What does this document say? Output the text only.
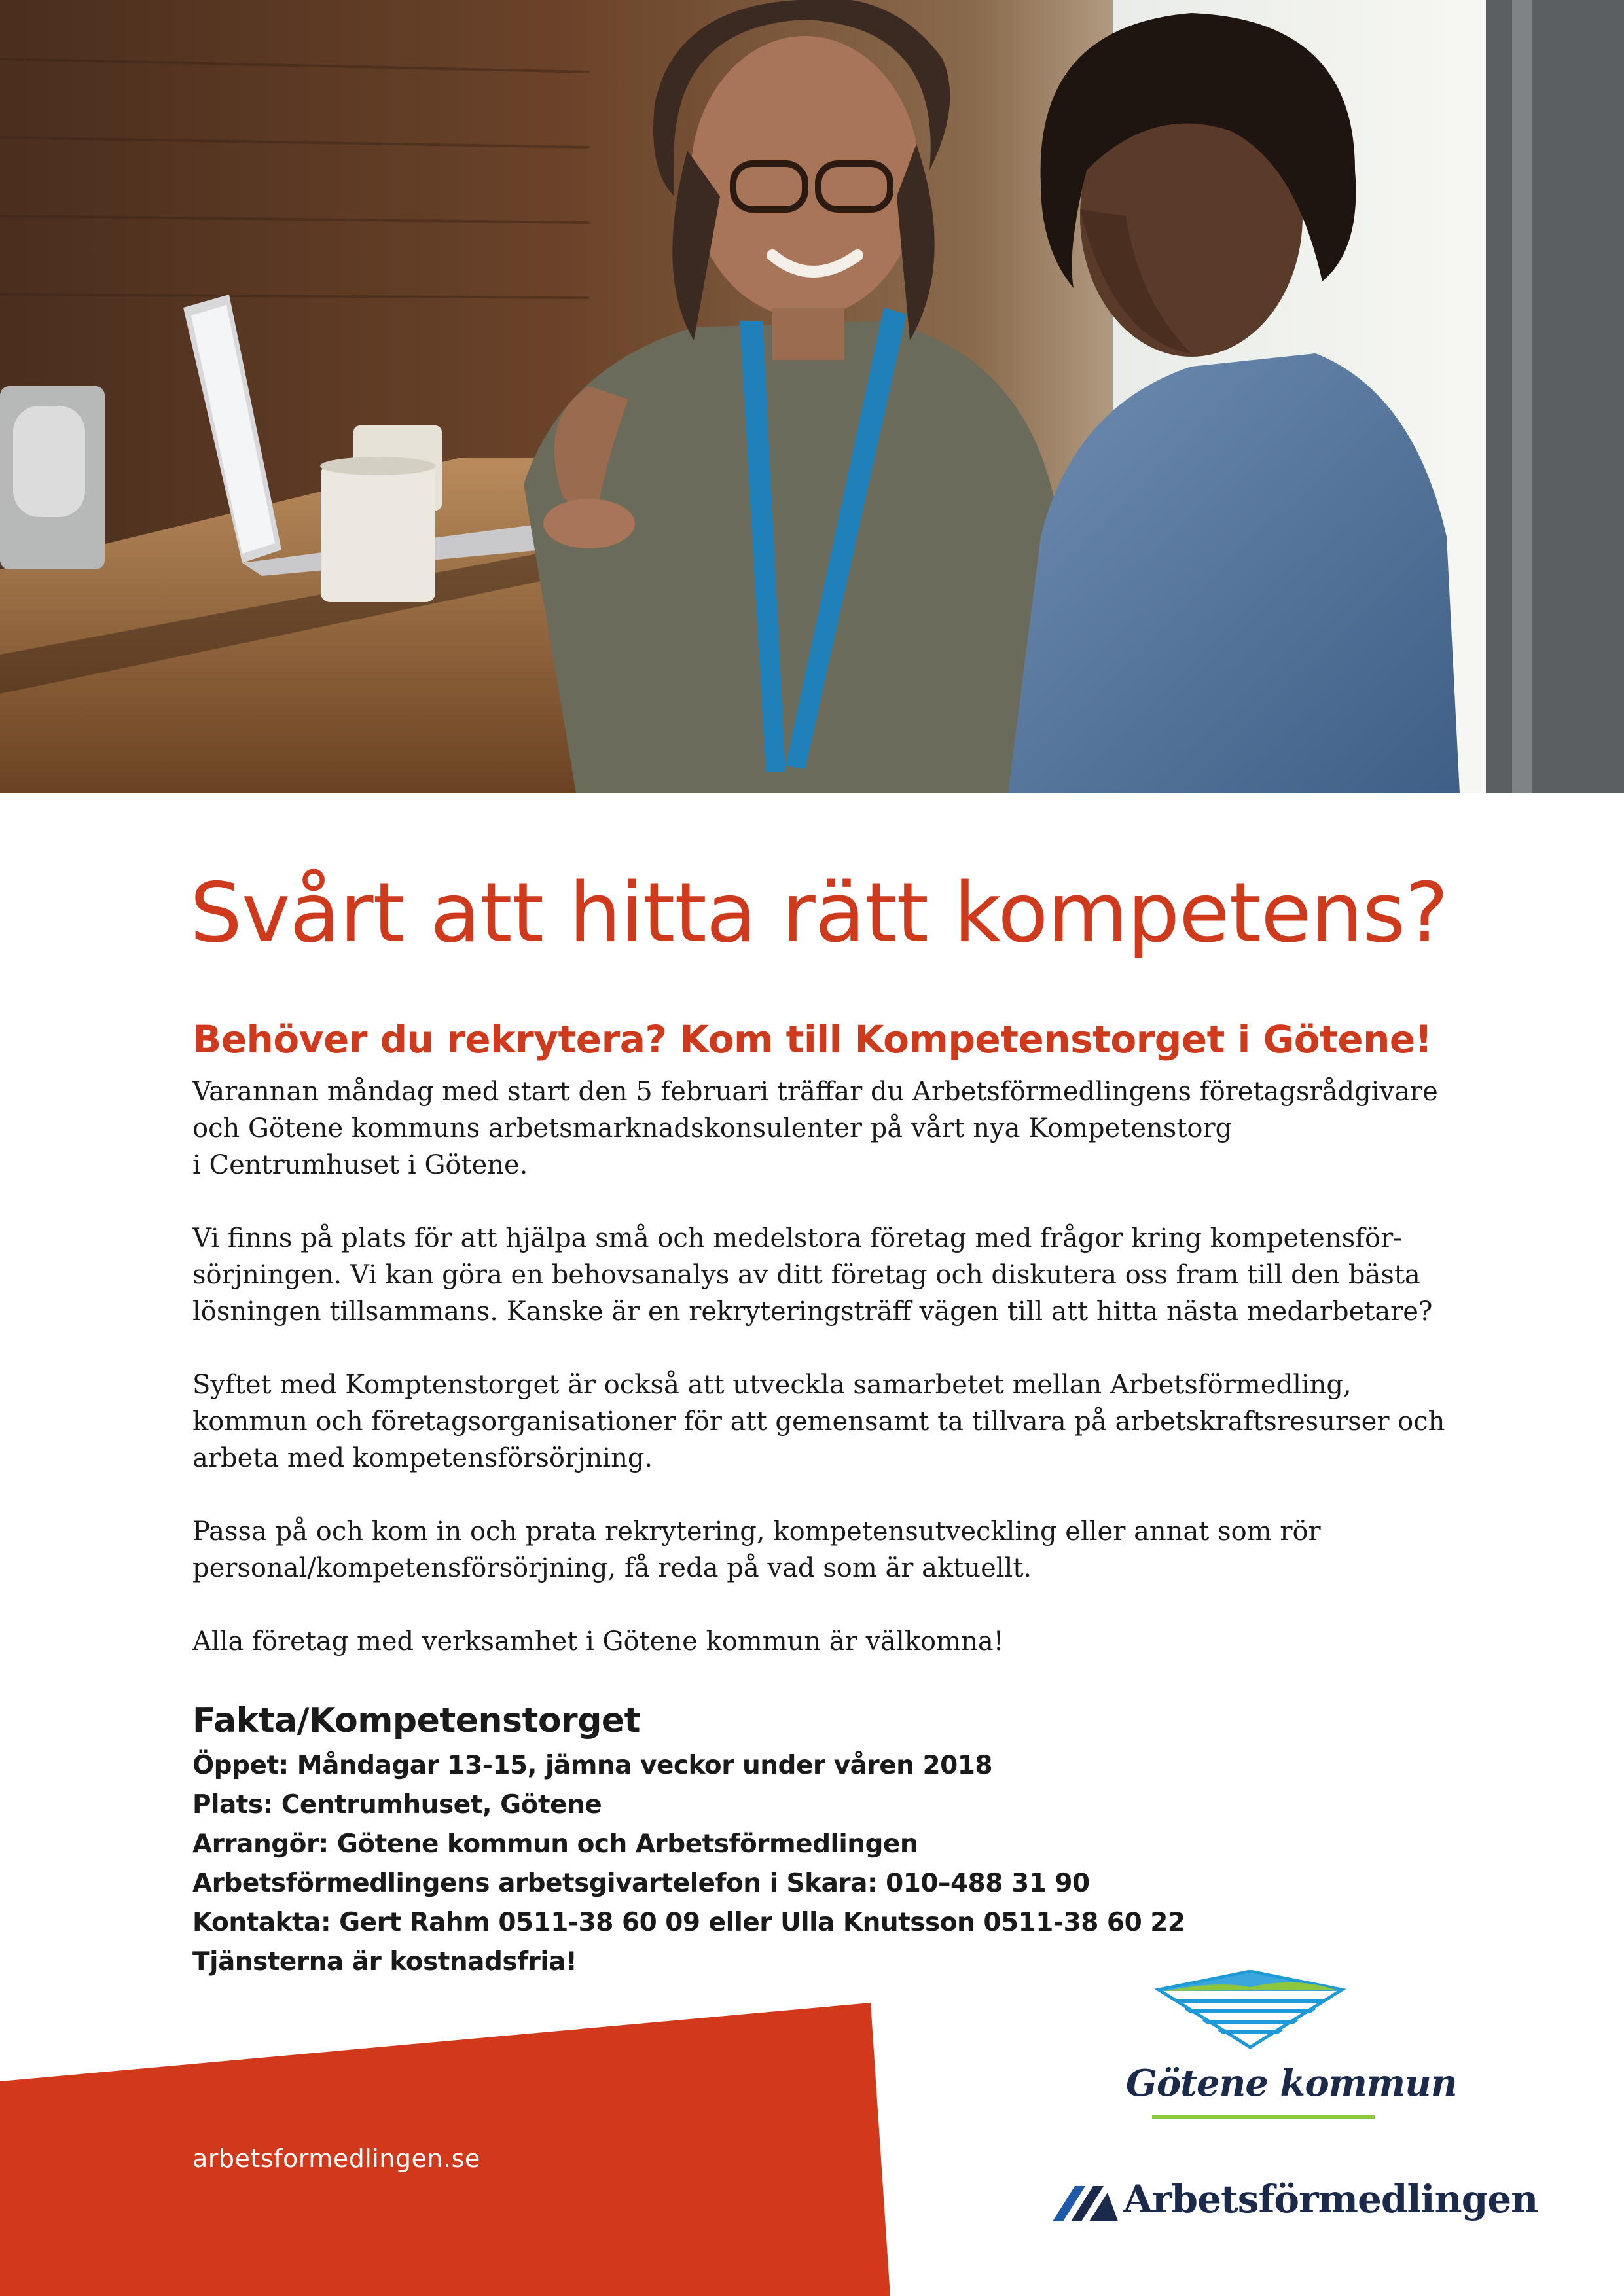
Svårt att hitta rätt kompetens?
Behöver du rekrytera? Kom till Kompetenstorget i Götene!

Varannan måndag med start den 5 februari träffar du Arbetsförmedlingens företagsrådgivare
och Götene kommuns arbetsmarknadskonsulenter på vårt nya Kompetenstorg
i Centrumhuset i Götene.

Vi finns på plats för att hjälpa små och medelstora företag med frågor kring kompetensför-
sörjningen. Vi kan göra en behovsanalys av ditt företag och diskutera oss fram till den bästa
lösningen tillsammans. Kanske är en rekryteringsträff vägen till att hitta nästa medarbetare?

Syftet med Komptenstorget är också att utveckla samarbetet mellan Arbetsförmedling,
kommun och företagsorganisationer för att gemensamt ta tillvara på arbetskraftsresurser och
arbeta med kompetensförsörjning.

Passa på och kom in och prata rekrytering, kompetensutveckling eller annat som rör
personal/kompetensförsörjning, få reda på vad som är aktuellt.

Alla företag med verksamhet i Götene kommun är välkomna!

Fakta/Kompetenstorget
Öppet: Måndagar 13-15, jämna veckor under våren 2018
Plats: Centrumhuset, Götene
Arrangör: Götene kommun och Arbetsförmedlingen
Arbetsförmedlingens arbetsgivartelefon i Skara: 010–488 31 90
Kontakta: Gert Rahm 0511-38 60 09 eller Ulla Knutsson 0511-38 60 22
Tjänsterna är kostnadsfria!
arbetsformedlingen.se
Götene kommun
Arbetsförmedlingen
